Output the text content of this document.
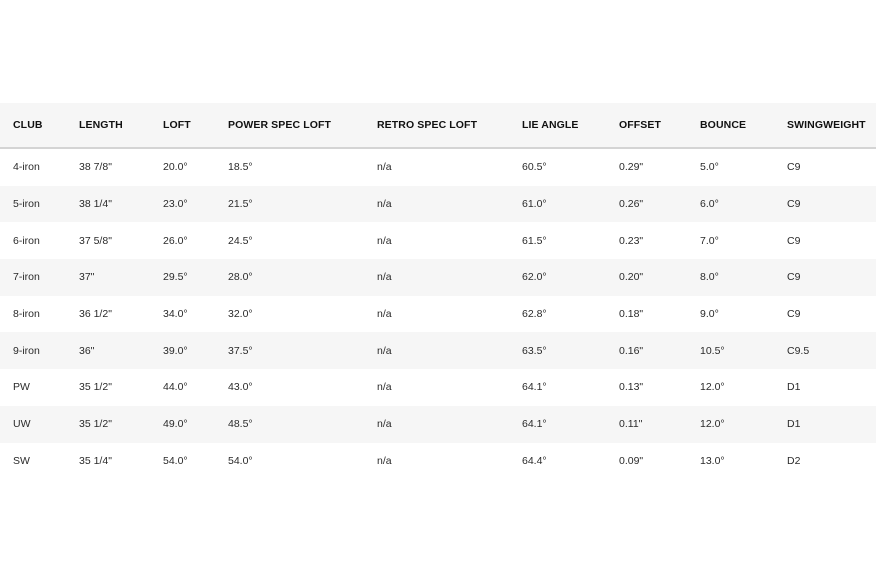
CLUB	LENGTH	LOFT	POWER SPEC LOFT	RETRO SPEC LOFT	LIE ANGLE	OFFSET	BOUNCE	SWINGWEIGHT
4-iron	38 7/8"	20.0°	18.5°	n/a	60.5°	0.29"	5.0°	C9
5-iron	38 1/4"	23.0°	21.5°	n/a	61.0°	0.26"	6.0°	C9
6-iron	37 5/8"	26.0°	24.5°	n/a	61.5°	0.23"	7.0°	C9
7-iron	37"	29.5°	28.0°	n/a	62.0°	0.20"	8.0°	C9
8-iron	36 1/2"	34.0°	32.0°	n/a	62.8°	0.18"	9.0°	C9
9-iron	36"	39.0°	37.5°	n/a	63.5°	0.16"	10.5°	C9.5
PW	35 1/2"	44.0°	43.0°	n/a	64.1°	0.13"	12.0°	D1
UW	35 1/2"	49.0°	48.5°	n/a	64.1°	0.11"	12.0°	D1
SW	35 1/4"	54.0°	54.0°	n/a	64.4°	0.09"	13.0°	D2
